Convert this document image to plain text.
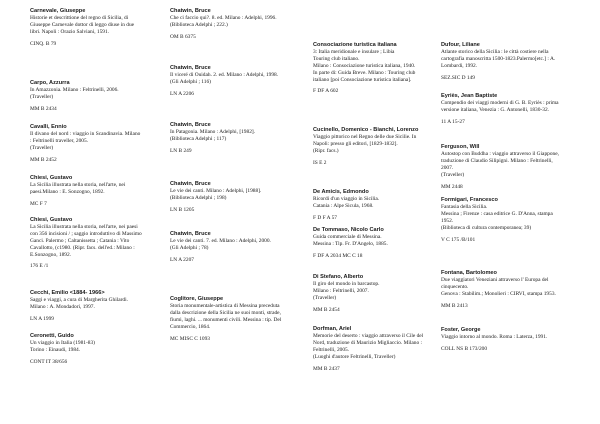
Carnevale, Giuseppe
Historie et descrittione del regno di Sicilia, di Giuseppe Carnevale dottor di leggo diuse in due libri. Napoli : Orazio Salviani, 1591.
CINQ. B 79
Carpo, Azzurra
In Amazzonia. Milano : Feltrinelli, 2006.
(Traveller)
MM B 2434
Cavalli, Ennio
Il divano del nord : viaggio in Scandinavia. Milano : Feltrinelli traveller, 2005.
(Traveller)
MM B 2452
Chiesi, Gustavo
La Sicilia illustrata nella storia, nell'arte, nei paesi.Milano : E. Sonzogno, 1892.
MC F 7
Chiesi, Gustavo
La Sicilia illustrata nella storia, nell'arte, nei paesi con 356 incisioni / ; saggio introduttivo di Massimo Ganci. Palermo ; Caltanissetta ; Catania : Vito Cavallotto, (c1980. (Ripr. facs. dell'ed.: Milano : E.Sonzogno, 1892.
176 E /1
Cecchi, Emilio <1884- 1966>
Saggi e viaggi, a cura di Margherita Ghilardi. Milano : A. Mondadori, 1997.
LN A 1999
Ceronetti, Guido
Un viaggio in Italia (1981-83)
Torino : Einaudi, 1984.
CONT IT 38/656
Chatwin, Bruce
Che ci faccio qui?. 8. ed. Milano : Adelphi, 1996.
(Biblioteca Adelphi ; 222.)
OM B 6375
Chatwin, Bruce
Il viceré di Ouidah. 2. ed. Milano : Adelphi, 1998.
(Gli Adelphi ; 116)
LN A 2206
Chatwin, Bruce
In Patagonia. Milano : Adelphi, [1982].
(Biblioteca Adelphi ; 117)
LN B 249
Chatwin, Bruce
Le vie dei canti. Milano : Adelphi, [1988].
(Biblioteca Adelphi ; 198)
LN B 1205
Chatwin, Bruce
Le vie dei canti. 7. ed. Milano : Adelphi, 2000.
(Gli Adelphi ; 78)
LN A 2207
Coglitore, Giuseppe
Storia monumentale-artistica di Messina preceduta dalla descrizione della Sicilia ne suoi monti, strade, fiumi, laghi. ... monumenti civili. Messina : tip. Del Commercio, 1864.
MC MISC C 1093
Consociazione turistica italiana
3: Italia meridionale e insulare ; Libia
Touring club italiano.
Milano : Consociazione turistica italiana, 1940.
In parte di: Guida Breve. Milano : Touring club italiano [poi Consociazione turistica italiana].
F DF A 602
Cucinello, Domenico - Bianchi, Lorenzo
Viaggio pittorico nel Regno delle due Sicilie. In Napoli: presso gli editori, [1829-1832].
(Ripr. facs.)
IS E 2
De Amicis, Edmondo
Ricordi d'un viaggio in Sicilia.
Catania : Alpe Sicula, 1968.
F D F A 57
De Tommaso, Nicolo Carlo
Guida commerciale di Messina.
Messina : Tip. Fr. D'Angelo, 1885.
F DF A 2034 MC C 18
Di Stefano, Alberto
Il giro del mondo in barcastop.
Milano : Feltrinelli, 2007.
(Traveller)
MM B 2454
Dorfman, Ariel
Memorie del deserto : viaggio attraverso il Cile del Nord, traduzione di Maurizio Migliaccio. Milano : Feltrinelli, 2005.
(Luoghi d'autore Feltrinelli, Traveller)
MM B 2437
Dufour, Liliane
Atlante storico della Sicilia : le città costiere nella cartografia manoscritta 1500-1823.Palermo[etc.] : A. Lombardi, 1992.
SEZ.SIC D 149
Eyriès, Jean Baptiste
Compendio dei viaggi moderni di G. B. Eyriès : prima versione italiana, Venezia : G. Antonelli, 1830-32.
11 A 15-27
Ferguson, Will
Autostop con Buddha : viaggio attraverso il Giappone, traduzione di Claudio Silipigni. Milano : Feltrinelli, 2007.
(Traveller)
MM 2448
Formigari, Francesco
Fantasia della Sicilia.
Messina ; Firenze : casa editrice G. D'Anna, stampa 1952.
(Biblioteca di cultura contemporanea; 39)
V C 175 /B/101
Fontana, Bartolomeo
Due viaggiatori Veneziani attraverso l' Europa del cinquecento.
Genova : Stabilim.; Monolieri : CIRVI, stampa 1953.
MM B 2413
Foster, George
Viaggio intorno al mondo. Roma : Laterza, 1991.
COLL NS B 173/200
